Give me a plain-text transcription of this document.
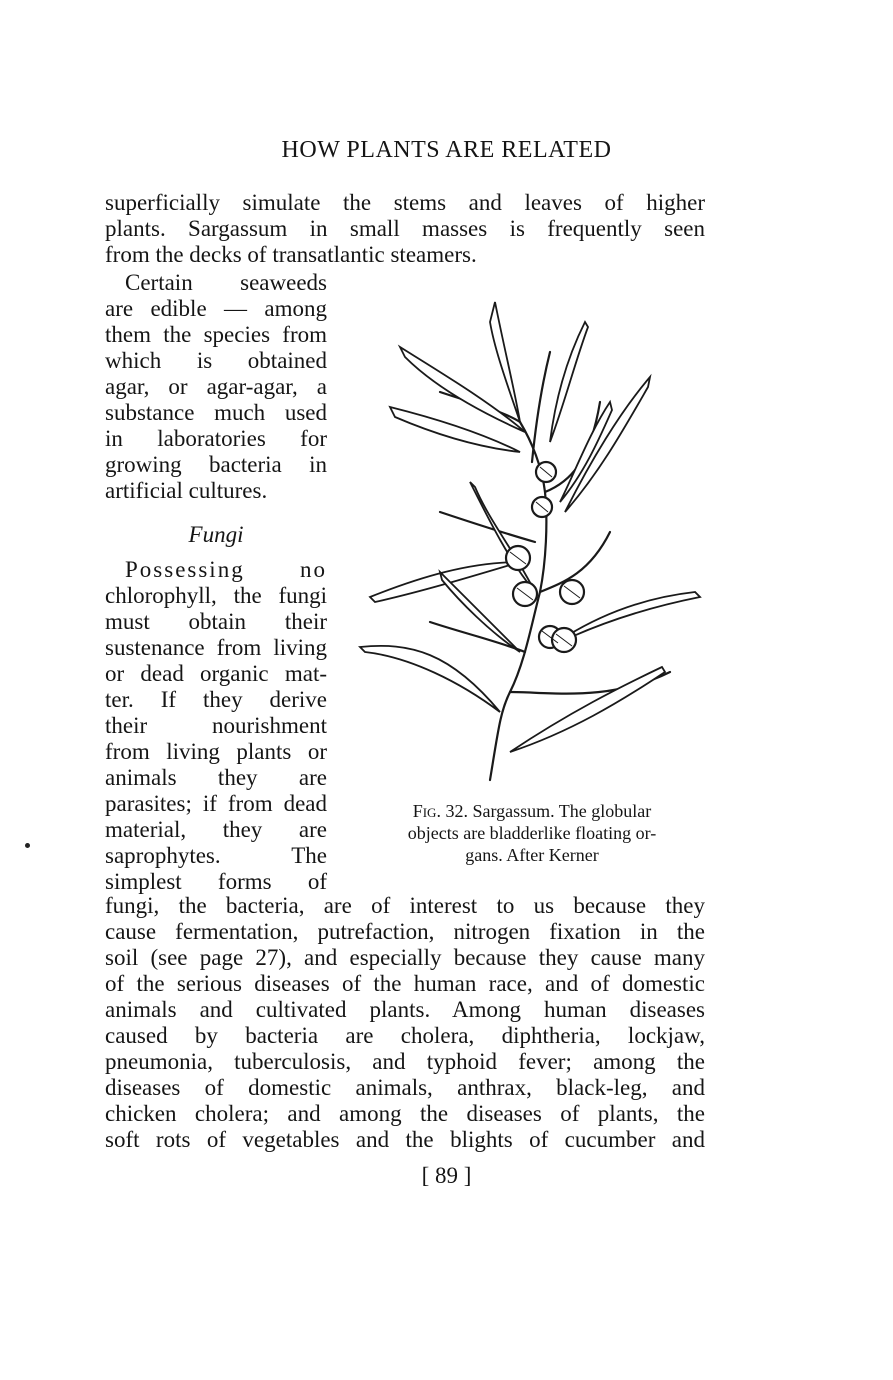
HOW PLANTS ARE RELATED
superficially simulate the stems and leaves of higher
plants. Sargassum in small masses is frequently seen
from the decks of transatlantic steamers.
Certain seaweeds
are edible — among
them the species from
which is obtained
agar, or agar-agar, a
substance much used
in laboratories for
growing bacteria in
artificial cultures.
Fungi
Possessing no
chlorophyll, the fungi
must obtain their
sustenance from living
or dead organic mat-
ter. If they derive
their nourishment
from living plants or
animals they are
parasites; if from dead
material, they are
saprophytes. The
simplest forms of
Fig. 32. Sargassum. The globular
objects are bladderlike floating or-
gans. After Kerner
fungi, the bacteria, are of interest to us because they
cause fermentation, putrefaction, nitrogen fixation in the
soil (see page 27), and especially because they cause many
of the serious diseases of the human race, and of domestic
animals and cultivated plants. Among human diseases
caused by bacteria are cholera, diphtheria, lockjaw,
pneumonia, tuberculosis, and typhoid fever; among the
diseases of domestic animals, anthrax, black-leg, and
chicken cholera; and among the diseases of plants, the
soft rots of vegetables and the blights of cucumber and
[ 89 ]
